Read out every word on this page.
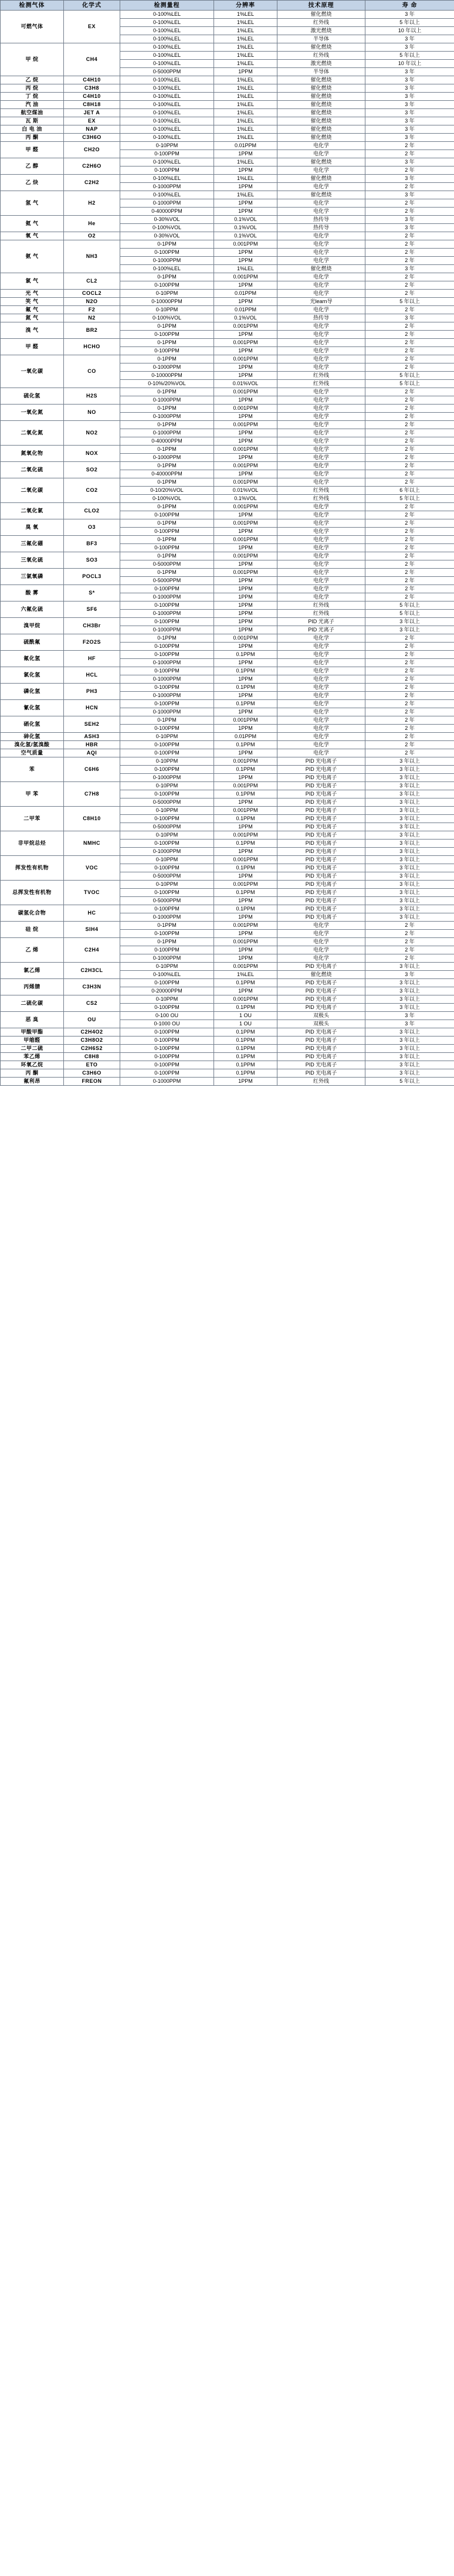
检测气体	化学式	检测量程	分辨率	技术原理	寿 命
可燃气体	EX	0-100%LEL	1%LEL	催化燃烧	3 年
		0-100%LEL	1%LEL	红外线	5 年以上
		0-100%LEL	1%LEL	激光燃烧	10 年以上
		0-100%LEL	1%LEL	半导体	3 年
甲 烷	CH4	0-100%LEL	1%LEL	催化燃烧	3 年
		0-100%LEL	1%LEL	红外线	5 年以上
		0-100%LEL	1%LEL	激光燃烧	10 年以上
		0-5000PPM	1PPM	半导体	3 年
乙 烷	C4H10	0-100%LEL	1%LEL	催化燃烧	3 年
丙 烷	C3H8	0-100%LEL	1%LEL	催化燃烧	3 年
丁 烷	C4H10	0-100%LEL	1%LEL	催化燃烧	3 年
汽 油	C8H18	0-100%LEL	1%LEL	催化燃烧	3 年
航空煤油	JET A	0-100%LEL	1%LEL	催化燃烧	3 年
瓦 斯	EX	0-100%LEL	1%LEL	催化燃烧	3 年
白 电 油	NAP	0-100%LEL	1%LEL	催化燃烧	3 年
丙 酮	C3H6O	0-100%LEL	1%LEL	催化燃烧	3 年
甲 醛	CH2O	0-10PPM	0.01PPM	电化学	2 年
		0-100PPM	1PPM	电化学	2 年
乙 醇	C2H6O	0-100%LEL	1%LEL	催化燃烧	3 年
		0-100PPM	1PPM	电化学	2 年
乙 炔	C2H2	0-100%LEL	1%LEL	催化燃烧	3 年
		0-1000PPM	1PPM	电化学	2 年
氢 气	H2	0-100%LEL	1%LEL	催化燃烧	3 年
		0-1000PPM	1PPM	电化学	2 年
		0-40000PPM	1PPM	电化学	2 年
氦 气	He	0-30%VOL	0.1%VOL	热传导	3 年
		0-100%VOL	0.1%VOL	热传导	3 年
氧 气	O2	0-30%VOL	0.1%VOL	电化学	2 年
氨 气	NH3	0-1PPM	0.001PPM	电化学	2 年
		0-100PPM	1PPM	电化学	2 年
		0-1000PPM	1PPM	电化学	2 年
		0-100%LEL	1%LEL	催化燃烧	3 年
氯 气	CL2	0-1PPM	0.001PPM	电化学	2 年
		0-100PPM	1PPM	电化学	2 年
光 气	COCL2	0-10PPM	0.01PPM	电化学	2 年
笑 气	N2O	0-10000PPM	1PPM	光learn导	5 年以上
氟 气	F2	0-10PPM	0.01PPM	电化学	2 年
氮 气	N2	0-100%VOL	0.1%VOL	热传导	3 年
溴 气	BR2	0-1PPM	0.001PPM	电化学	2 年
		0-100PPM	1PPM	电化学	2 年
甲 醛	HCHO	0-1PPM	0.001PPM	电化学	2 年
		0-100PPM	1PPM	电化学	2 年
一氧化碳	CO	0-1PPM	0.001PPM	电化学	2 年
		0-1000PPM	1PPM	电化学	2 年
		0-10000PPM	1PPM	红外线	5 年以上
		0-10%/20%VOL	0.01%VOL	红外线	5 年以上
硫化氢	H2S	0-1PPM	0.001PPM	电化学	2 年
		0-1000PPM	1PPM	电化学	2 年
一氧化氮	NO	0-1PPM	0.001PPM	电化学	2 年
		0-1000PPM	1PPM	电化学	2 年
二氧化氮	NO2	0-1PPM	0.001PPM	电化学	2 年
		0-1000PPM	1PPM	电化学	2 年
		0-40000PPM	1PPM	电化学	2 年
氮氧化物	NOX	0-1PPM	0.001PPM	电化学	2 年
		0-1000PPM	1PPM	电化学	2 年
二氧化硫	SO2	0-1PPM	0.001PPM	电化学	2 年
		0-40000PPM	1PPM	电化学	2 年
二氧化碳	CO2	0-1PPM	0.001PPM	电化学	2 年
		0-10/20%VOL	0.01%VOL	红外线	6 年以上
		0-100%VOL	0.1%VOL	红外线	5 年以上
二氧化氯	CLO2	0-1PPM	0.001PPM	电化学	2 年
		0-100PPM	1PPM	电化学	2 年
臭 氧	O3	0-1PPM	0.001PPM	电化学	2 年
		0-100PPM	1PPM	电化学	2 年
三氟化硼	BF3	0-1PPM	0.001PPM	电化学	2 年
		0-100PPM	1PPM	电化学	2 年
三氧化硫	SO3	0-1PPM	0.001PPM	电化学	2 年
		0-5000PPM	1PPM	电化学	2 年
三氯氧磷	POCL3	0-1PPM	0.001PPM	电化学	2 年
		0-5000PPM	1PPM	电化学	2 年
酸 雾	S*	0-100PPM	1PPM	电化学	2 年
		0-1000PPM	1PPM	电化学	2 年
六氟化硫	SF6	0-100PPM	1PPM	红外线	5 年以上
		0-1000PPM	1PPM	红外线	5 年以上
溴甲烷	CH3Br	0-100PPM	1PPM	PID 光离子	3 年以上
		0-1000PPM	1PPM	PID 光离子	3 年以上
硫酰氟	F2O2S	0-1PPM	0.001PPM	电化学	2 年
		0-100PPM	1PPM	电化学	2 年
氟化氢	HF	0-100PPM	0.1PPM	电化学	2 年
		0-1000PPM	1PPM	电化学	2 年
氯化氢	HCL	0-100PPM	0.1PPM	电化学	2 年
		0-1000PPM	1PPM	电化学	2 年
磷化氢	PH3	0-100PPM	0.1PPM	电化学	2 年
		0-1000PPM	1PPM	电化学	2 年
氰化氢	HCN	0-100PPM	0.1PPM	电化学	2 年
		0-1000PPM	1PPM	电化学	2 年
硒化氢	SEH2	0-1PPM	0.001PPM	电化学	2 年
		0-100PPM	1PPM	电化学	2 年
砷化氢	ASH3	0-10PPM	0.01PPM	电化学	2 年
溴化氢/氢溴酸	HBR	0-100PPM	0.1PPM	电化学	2 年
空气质量	AQI	0-100PPM	1PPM	电化学	2 年
苯	C6H6	0-10PPM	0.001PPM	PID 光电离子	3 年以上
		0-100PPM	0.1PPM	PID 光电离子	3 年以上
		0-1000PPM	1PPM	PID 光电离子	3 年以上
甲 苯	C7H8	0-10PPM	0.001PPM	PID 光电离子	3 年以上
		0-100PPM	0.1PPM	PID 光电离子	3 年以上
		0-5000PPM	1PPM	PID 光电离子	3 年以上
二甲苯	C8H10	0-10PPM	0.001PPM	PID 光电离子	3 年以上
		0-100PPM	0.1PPM	PID 光电离子	3 年以上
		0-5000PPM	1PPM	PID 光电离子	3 年以上
非甲烷总烃	NMHC	0-10PPM	0.001PPM	PID 光电离子	3 年以上
		0-100PPM	0.1PPM	PID 光电离子	3 年以上
		0-1000PPM	1PPM	PID 光电离子	3 年以上
挥发性有机物	VOC	0-10PPM	0.001PPM	PID 光电离子	3 年以上
		0-100PPM	0.1PPM	PID 光电离子	3 年以上
		0-5000PPM	1PPM	PID 光电离子	3 年以上
总挥发性有机物	TVOC	0-10PPM	0.001PPM	PID 光电离子	3 年以上
		0-100PPM	0.1PPM	PID 光电离子	3 年以上
		0-5000PPM	1PPM	PID 光电离子	3 年以上
碳氢化合物	HC	0-100PPM	0.1PPM	PID 光电离子	3 年以上
		0-1000PPM	1PPM	PID 光电离子	3 年以上
硅 烷	SIH4	0-1PPM	0.001PPM	电化学	2 年
		0-100PPM	1PPM	电化学	2 年
乙 烯	C2H4	0-1PPM	0.001PPM	电化学	2 年
		0-100PPM	1PPM	电化学	2 年
		0-1000PPM	1PPM	电化学	2 年
氯乙烯	C2H3CL	0-10PPM	0.001PPM	PID 光电离子	3 年以上
		0-100%LEL	1%LEL	催化燃烧	3 年
丙烯腈	C3H3N	0-100PPM	0.1PPM	PID 光电离子	3 年以上
		0-20000PPM	1PPM	PID 光电离子	3 年以上
二硫化碳	CS2	0-10PPM	0.001PPM	PID 光电离子	3 年以上
		0-100PPM	0.1PPM	PID 光电离子	3 年以上
恶 臭	OU	0-100 OU	1 OU	双极头	3 年
		0-1000 OU	1 OU	双极头	3 年
甲酸甲酯	C2H4O2	0-100PPM	0.1PPM	PID 光电离子	3 年以上
甲缩醛	C3H8O2	0-100PPM	0.1PPM	PID 光电离子	3 年以上
二甲二硫	C2H6S2	0-100PPM	0.1PPM	PID 光电离子	3 年以上
苯乙烯	C8H8	0-100PPM	0.1PPM	PID 光电离子	3 年以上
环氧乙烷	ETO	0-100PPM	0.1PPM	PID 光电离子	3 年以上
丙 酮	C3H6O	0-100PPM	0.1PPM	PID 光电离子	3 年以上
氟利昂	FREON	0-1000PPM	1PPM	红外线	5 年以上
